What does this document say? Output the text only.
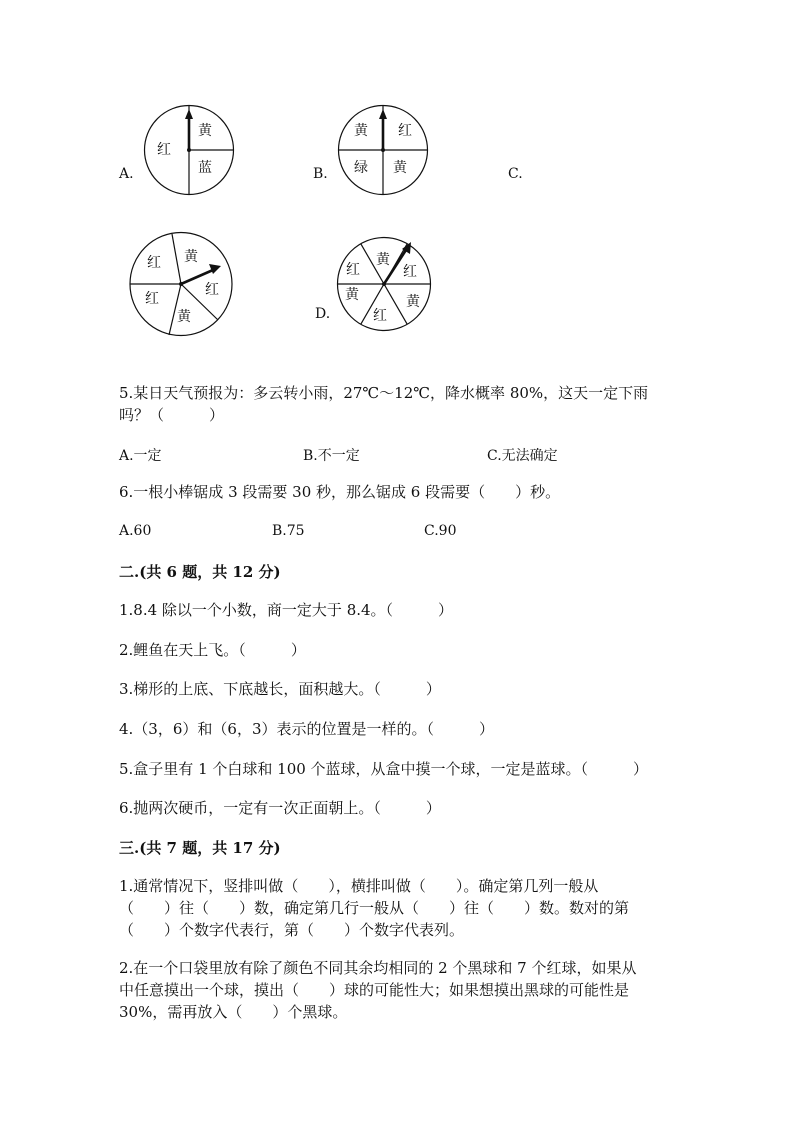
A.	B.	C.
D.
红
黄
蓝
黄 红
绿 黄
黄
红
红
红
黄
黄
红
红
黄
黄
红
5.某日天气预报为：多云转小雨，27℃～12℃，降水概率 80%，这天一定下雨
吗？（　　　）
A.一定	B.不一定	C.无法确定
6.一根小棒锯成 3 段需要 30 秒，那么锯成 6 段需要（　　）秒。
A.60	B.75	C.90
二.(共 6 题，共 12 分)
1.8.4 除以一个小数，商一定大于 8.4。（　　　）
2.鲤鱼在天上飞。（　　　）
3.梯形的上底、下底越长，面积越大。（　　　）
4.（3，6）和（6，3）表示的位置是一样的。（　　　）
5.盒子里有 1 个白球和 100 个蓝球，从盒中摸一个球，一定是蓝球。（　　　）
6.抛两次硬币，一定有一次正面朝上。（　　　）
三.(共 7 题，共 17 分)
1.通常情况下，竖排叫做（　　），横排叫做（　　）。确定第几列一般从
（　　）往（　　）数，确定第几行一般从（　　）往（　　）数。数对的第
（　　）个数字代表行，第（　　）个数字代表列。
2.在一个口袋里放有除了颜色不同其余均相同的 2 个黑球和 7 个红球，如果从
中任意摸出一个球，摸出（　　）球的可能性大；如果想摸出黑球的可能性是
30%，需再放入（　　）个黑球。
